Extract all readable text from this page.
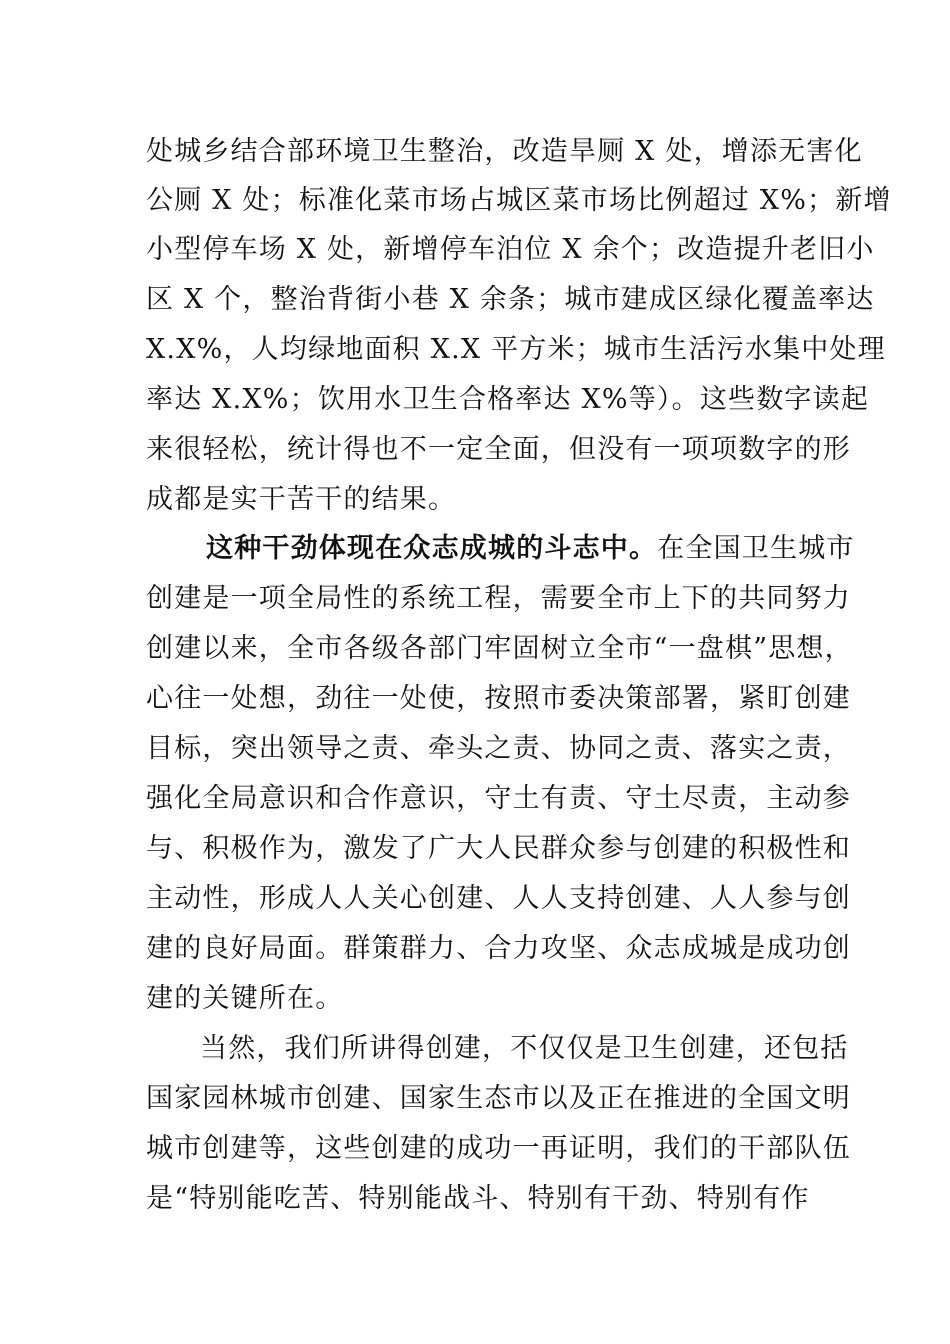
处城乡结合部环境卫生整治，改造旱厕 X 处，增添无害化
公厕 X 处；标准化菜市场占城区菜市场比例超过 X%；新增
小型停车场 X 处，新增停车泊位 X 余个；改造提升老旧小
区 X 个，整治背街小巷 X 余条；城市建成区绿化覆盖率达
X.X%，人均绿地面积 X.X 平方米；城市生活污水集中处理
率达 X.X%；饮用水卫生合格率达 X%等）。这些数字读起
来很轻松，统计得也不一定全面，但没有一项项数字的形
成都是实干苦干的结果。
这种干劲体现在众志成城的斗志中。在全国卫生城市
创建是一项全局性的系统工程，需要全市上下的共同努力
创建以来，全市各级各部门牢固树立全市“一盘棋”思想，
心往一处想，劲往一处使，按照市委决策部署，紧盯创建
目标，突出领导之责、牵头之责、协同之责、落实之责，
强化全局意识和合作意识，守土有责、守土尽责，主动参
与、积极作为，激发了广大人民群众参与创建的积极性和
主动性，形成人人关心创建、人人支持创建、人人参与创
建的良好局面。群策群力、合力攻坚、众志成城是成功创
建的关键所在。
当然，我们所讲得创建，不仅仅是卫生创建，还包括
国家园林城市创建、国家生态市以及正在推进的全国文明
城市创建等，这些创建的成功一再证明，我们的干部队伍
是“特别能吃苦、特别能战斗、特别有干劲、特别有作
